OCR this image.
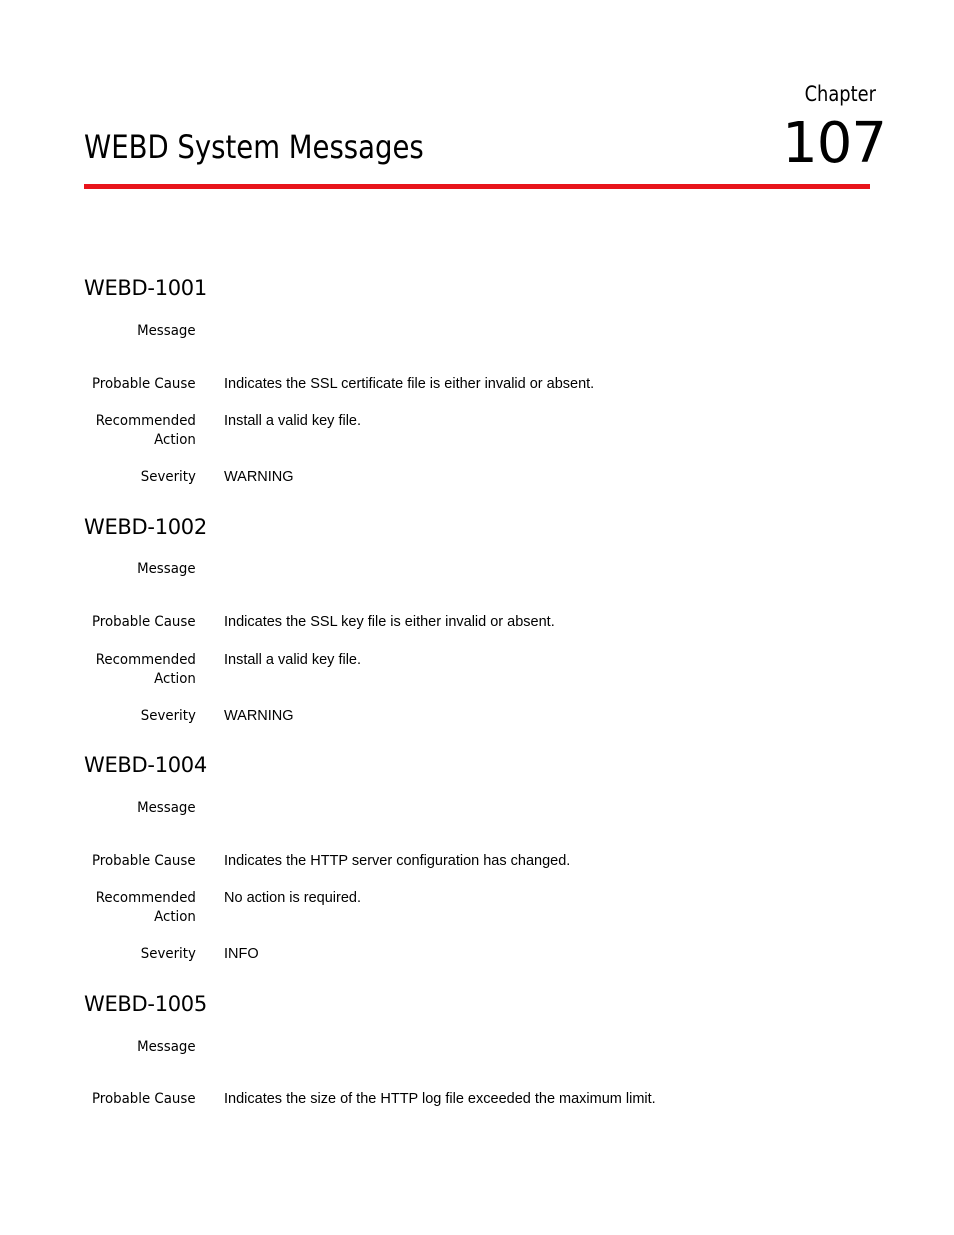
Chapter
107
WEBD System Messages
WEBD-1001
Message
Probable Cause Indicates the SSL certificate file is either invalid or absent.
Recommended
Action
Install a valid key file.
Severity WARNING
WEBD-1002
Message
Probable Cause Indicates the SSL key file is either invalid or absent.
Recommended
Action
Install a valid key file.
Severity WARNING
WEBD-1004
Message
Probable Cause Indicates the HTTP server configuration has changed.
Recommended
Action
No action is required.
Severity INFO
WEBD-1005
Message
Probable Cause Indicates the size of the HTTP log file exceeded the maximum limit.
